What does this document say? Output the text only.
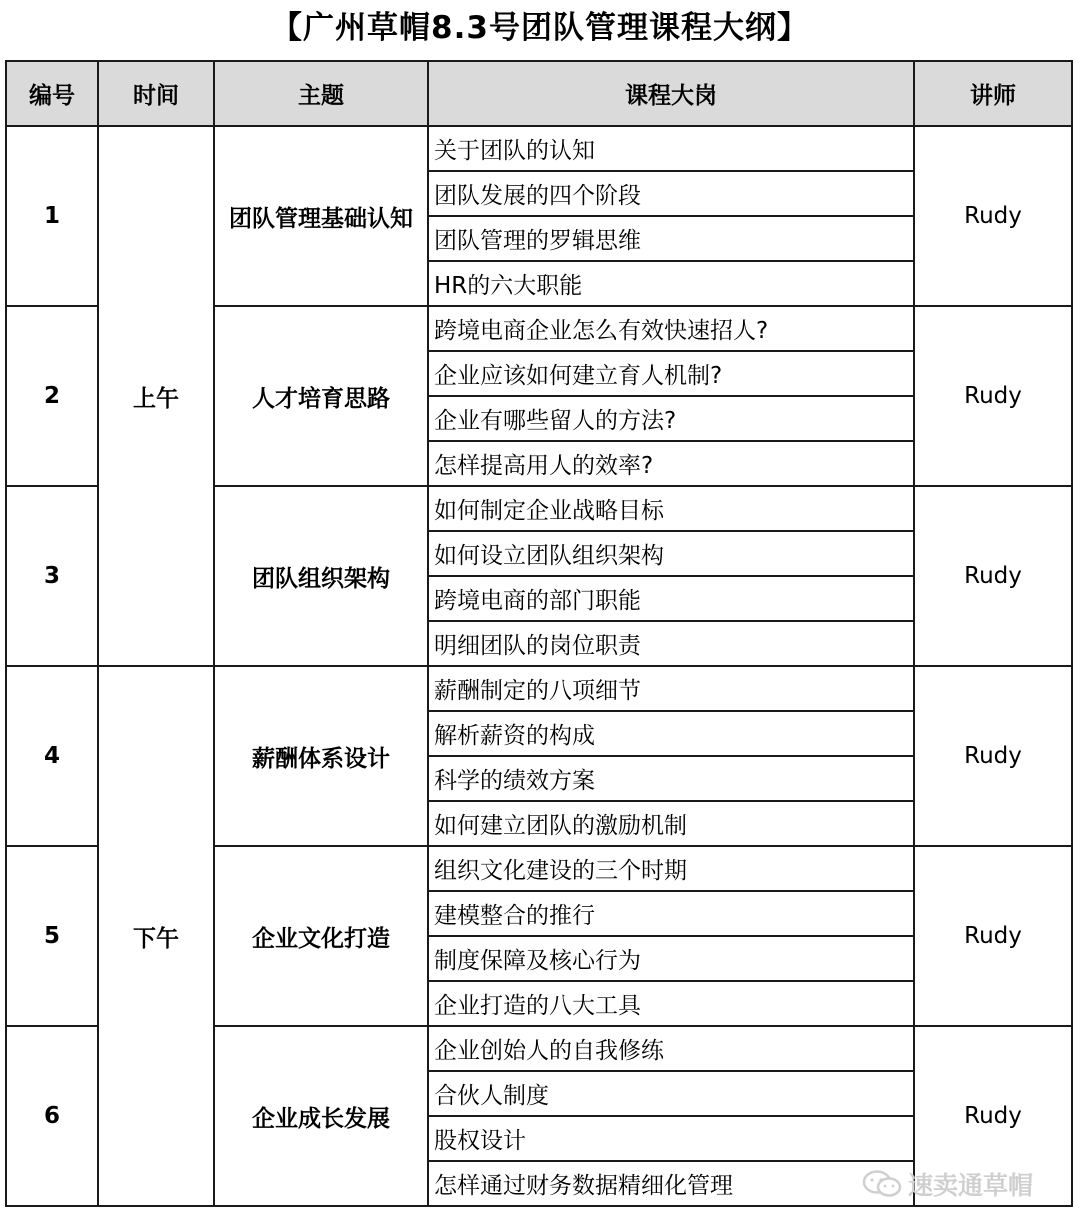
【广州草帽8.3号团队管理课程大纲】
编号	时间	主题	课程大岗	讲师
1	上午	团队管理基础认知	关于团队的认知	Rudy
			团队发展的四个阶段	
			团队管理的罗辑思维	
			HR的六大职能	
2		人才培育思路	跨境电商企业怎么有效快速招人?	Rudy
			企业应该如何建立育人机制?	
			企业有哪些留人的方法?	
			怎样提高用人的效率?	
3		团队组织架构	如何制定企业战略目标	Rudy
			如何设立团队组织架构	
			跨境电商的部门职能	
			明细团队的岗位职责	
4	下午	薪酬体系设计	薪酬制定的八项细节	Rudy
			解析薪资的构成	
			科学的绩效方案	
			如何建立团队的激励机制	
5		企业文化打造	组织文化建设的三个时期	Rudy
			建模整合的推行	
			制度保障及核心行为	
			企业打造的八大工具	
6		企业成长发展	企业创始人的自我修练	Rudy
			合伙人制度	
			股权设计	
			怎样通过财务数据精细化管理		速卖通草帽
